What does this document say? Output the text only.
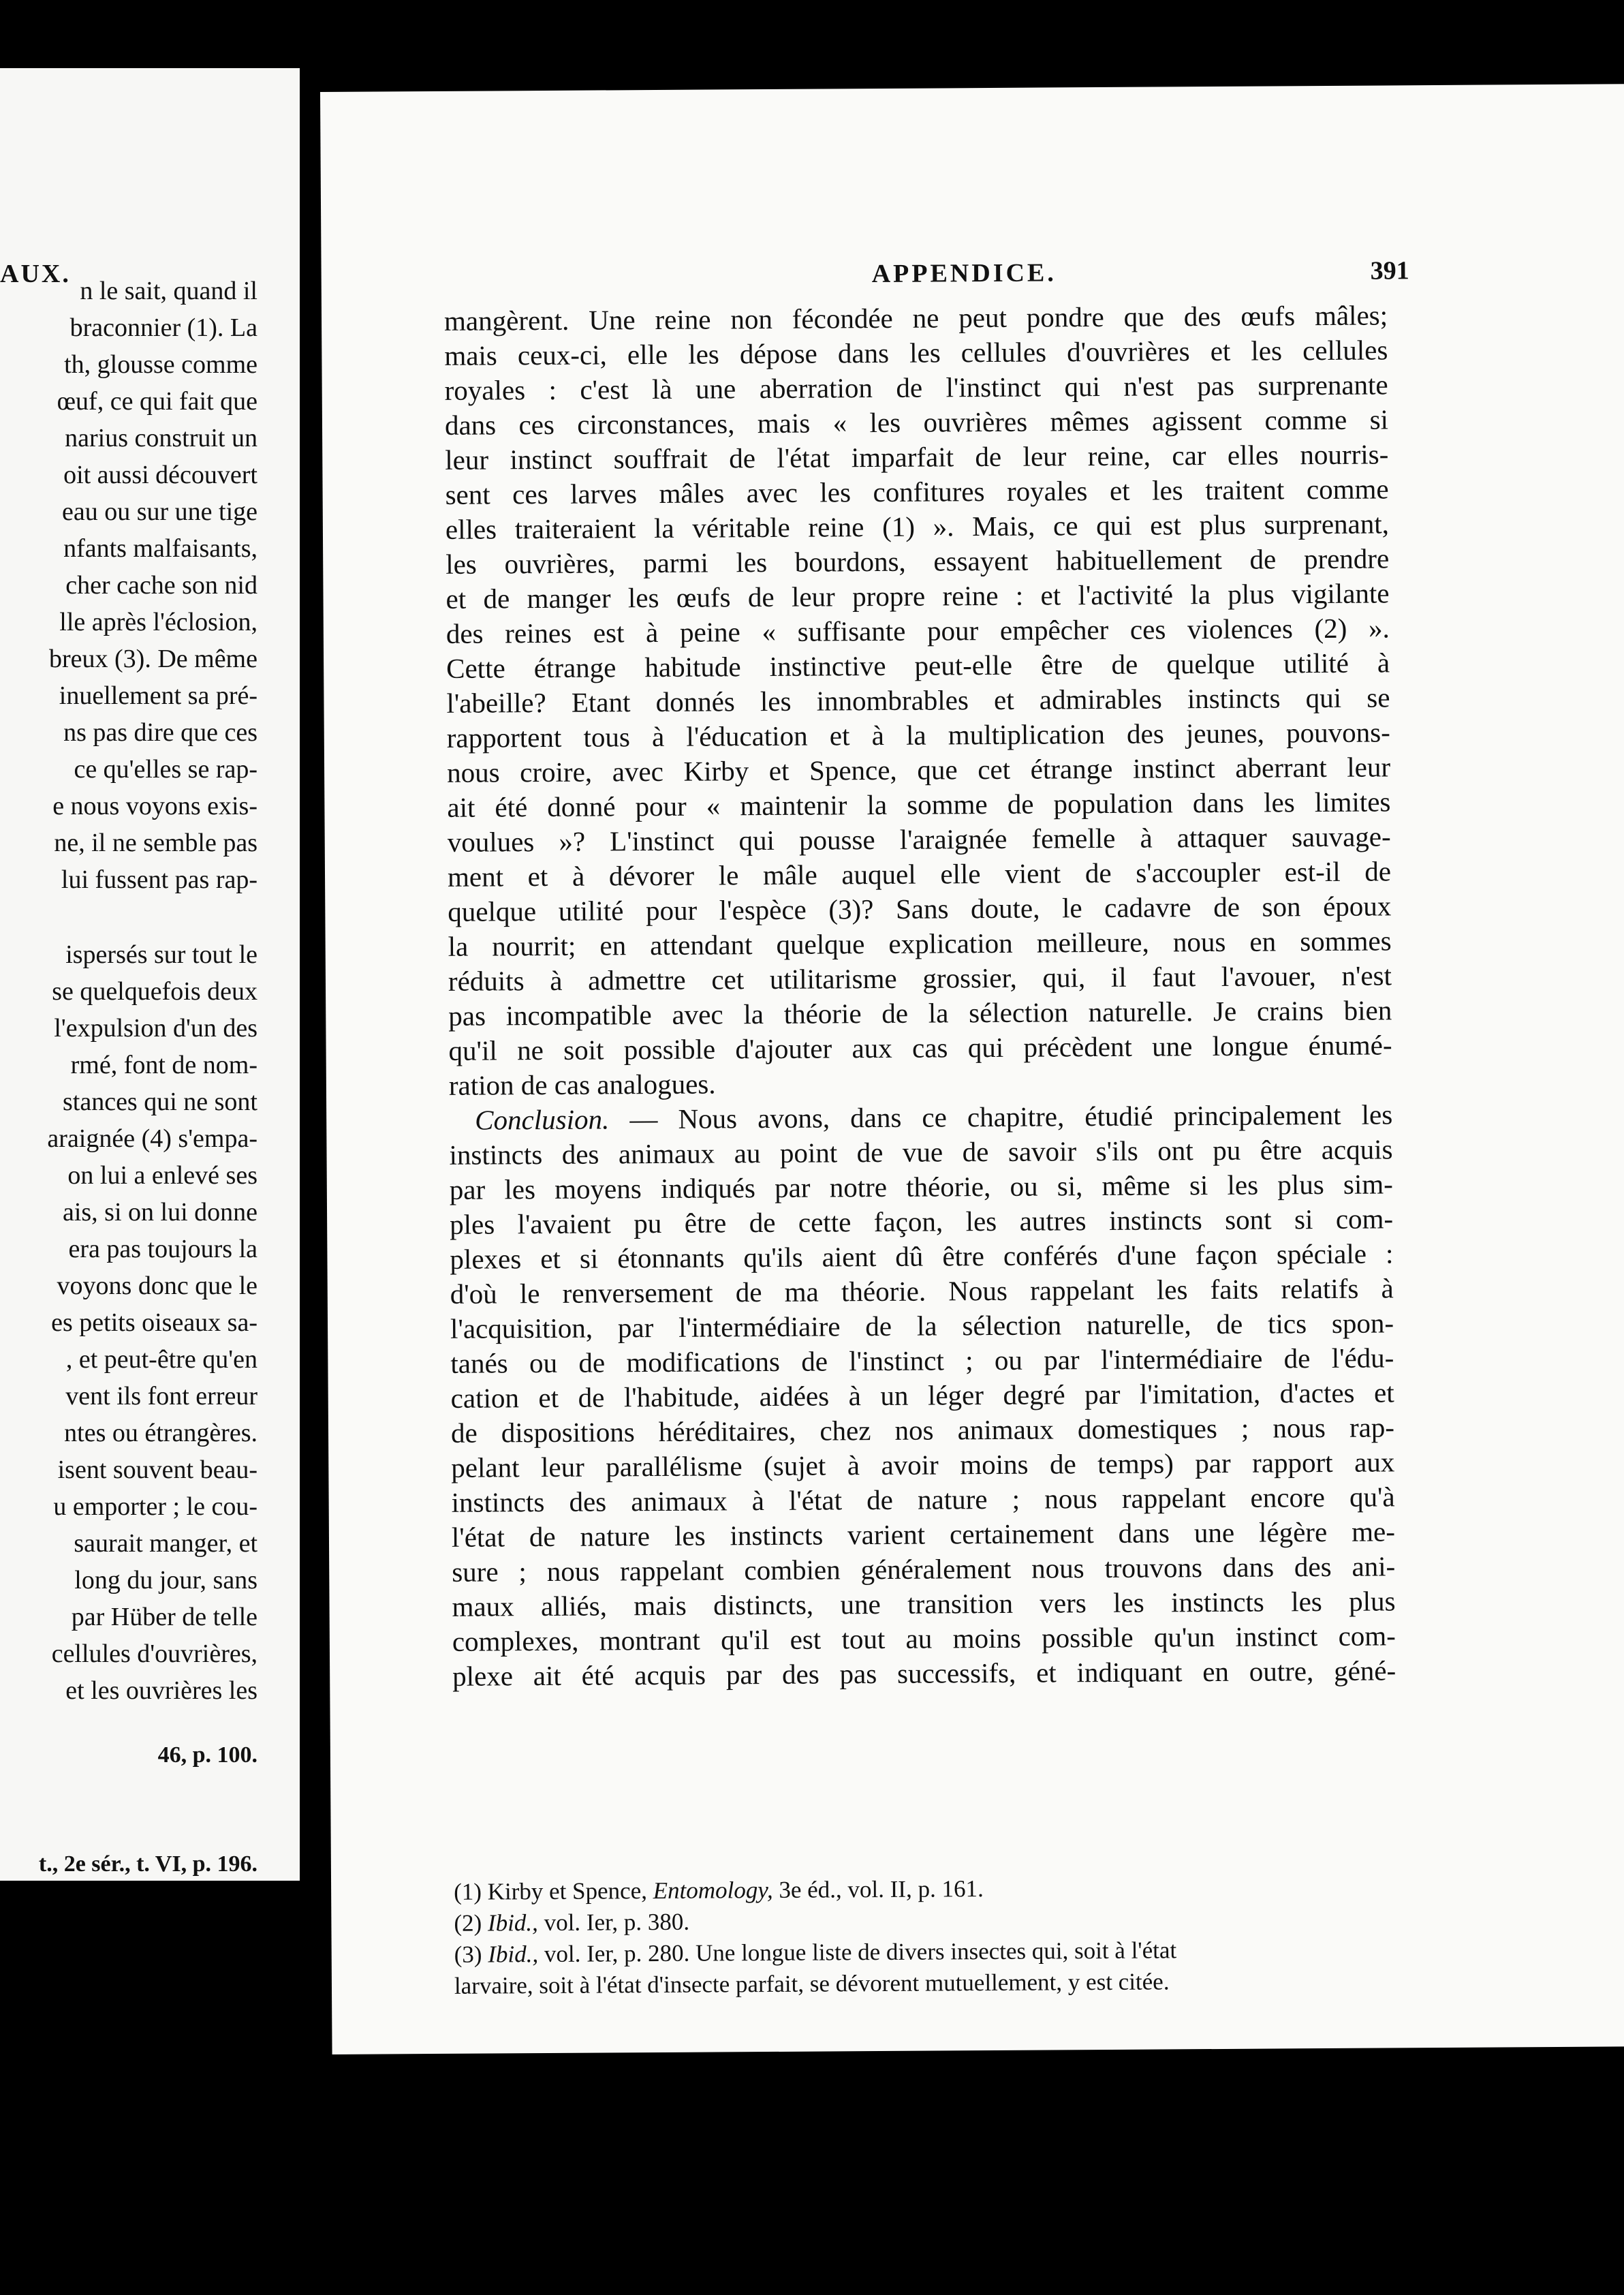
AUX.
n le sait, quand il
braconnier (1). La
th, glousse comme
œuf, ce qui fait que
narius construit un
oit aussi découvert
eau ou sur une tige
nfants malfaisants,
cher cache son nid
lle après l'éclosion,
breux (3). De même
inuellement sa pré-
ns pas dire que ces
ce qu'elles se rap-
e nous voyons exis-
ne, il ne semble pas
lui fussent pas rap-
ispersés sur tout le
se quelquefois deux
l'expulsion d'un des
rmé, font de nom-
stances qui ne sont
araignée (4) s'empa-
on lui a enlevé ses
ais, si on lui donne
era pas toujours la
voyons donc que le
es petits oiseaux sa-
, et peut-être qu'en
vent ils font erreur
ntes ou étrangères.
isent souvent beau-
u emporter ; le cou-
saurait manger, et
long du jour, sans
par Hüber de telle
cellules d'ouvrières,
et les ouvrières les
46, p. 100.
t., 2e sér., t. VI, p. 196.
APPENDICE.	391
mangèrent. Une reine non fécondée ne peut pondre que des œufs mâles;
mais ceux-ci, elle les dépose dans les cellules d'ouvrières et les cellules
royales : c'est là une aberration de l'instinct qui n'est pas surprenante
dans ces circonstances, mais « les ouvrières mêmes agissent comme si
leur instinct souffrait de l'état imparfait de leur reine, car elles nourris-
sent ces larves mâles avec les confitures royales et les traitent comme
elles traiteraient la véritable reine (1) ». Mais, ce qui est plus surprenant,
les ouvrières, parmi les bourdons, essayent habituellement de prendre
et de manger les œufs de leur propre reine : et l'activité la plus vigilante
des reines est à peine « suffisante pour empêcher ces violences (2) ».
Cette étrange habitude instinctive peut-elle être de quelque utilité à
l'abeille? Etant donnés les innombrables et admirables instincts qui se
rapportent tous à l'éducation et à la multiplication des jeunes, pouvons-
nous croire, avec Kirby et Spence, que cet étrange instinct aberrant leur
ait été donné pour « maintenir la somme de population dans les limites
voulues »? L'instinct qui pousse l'araignée femelle à attaquer sauvage-
ment et à dévorer le mâle auquel elle vient de s'accoupler est-il de
quelque utilité pour l'espèce (3)? Sans doute, le cadavre de son époux
la nourrit; en attendant quelque explication meilleure, nous en sommes
réduits à admettre cet utilitarisme grossier, qui, il faut l'avouer, n'est
pas incompatible avec la théorie de la sélection naturelle. Je crains bien
qu'il ne soit possible d'ajouter aux cas qui précèdent une longue énumé-
ration de cas analogues.
Conclusion. — Nous avons, dans ce chapitre, étudié principalement les
instincts des animaux au point de vue de savoir s'ils ont pu être acquis
par les moyens indiqués par notre théorie, ou si, même si les plus sim-
ples l'avaient pu être de cette façon, les autres instincts sont si com-
plexes et si étonnants qu'ils aient dû être conférés d'une façon spéciale :
d'où le renversement de ma théorie. Nous rappelant les faits relatifs à
l'acquisition, par l'intermédiaire de la sélection naturelle, de tics spon-
tanés ou de modifications de l'instinct ; ou par l'intermédiaire de l'édu-
cation et de l'habitude, aidées à un léger degré par l'imitation, d'actes et
de dispositions héréditaires, chez nos animaux domestiques ; nous rap-
pelant leur parallélisme (sujet à avoir moins de temps) par rapport aux
instincts des animaux à l'état de nature ; nous rappelant encore qu'à
l'état de nature les instincts varient certainement dans une légère me-
sure ; nous rappelant combien généralement nous trouvons dans des ani-
maux alliés, mais distincts, une transition vers les instincts les plus
complexes, montrant qu'il est tout au moins possible qu'un instinct com-
plexe ait été acquis par des pas successifs, et indiquant en outre, géné-
(1) Kirby et Spence, Entomology, 3e éd., vol. II, p. 161.
(2) Ibid., vol. Ier, p. 380.
(3) Ibid., vol. Ier, p. 280. Une longue liste de divers insectes qui, soit à l'état
larvaire, soit à l'état d'insecte parfait, se dévorent mutuellement, y est citée.
